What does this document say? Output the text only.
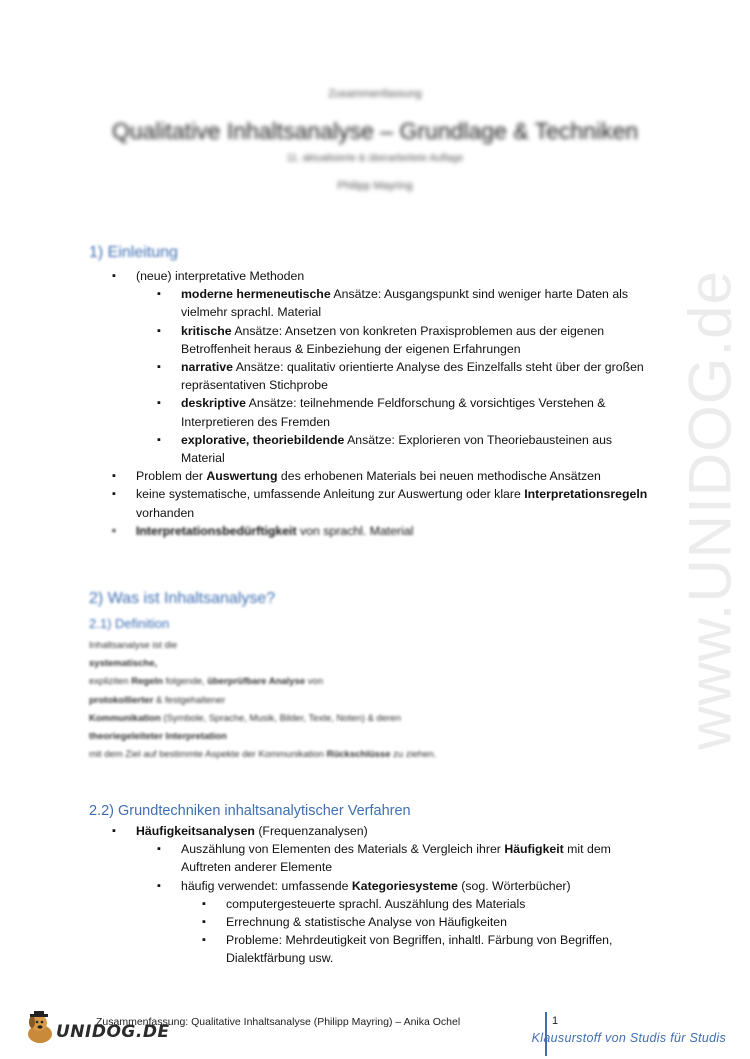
www.UNIDOG.de
Zusammenfassung
Qualitative Inhaltsanalyse – Grundlage & Techniken
11. aktualisierte & überarbeitete Auflage
Philipp Mayring
1) Einleitung
▪ (neue) interpretative Methoden
▪ moderne hermeneutische Ansätze: Ausgangspunkt sind weniger harte Daten als
vielmehr sprachl. Material
▪ kritische Ansätze: Ansetzen von konkreten Praxisproblemen aus der eigenen
Betroffenheit heraus & Einbeziehung der eigenen Erfahrungen
▪ narrative Ansätze: qualitativ orientierte Analyse des Einzelfalls steht über der großen
repräsentativen Stichprobe
▪ deskriptive Ansätze: teilnehmende Feldforschung & vorsichtiges Verstehen &
Interpretieren des Fremden
▪ explorative, theoriebildende Ansätze: Explorieren von Theoriebausteinen aus
Material
▪ Problem der Auswertung des erhobenen Materials bei neuen methodische Ansätzen
▪ keine systematische, umfassende Anleitung zur Auswertung oder klare Interpretationsregeln
vorhanden
▪ Interpretationsbedürftigkeit von sprachl. Material
2) Was ist Inhaltsanalyse?
2.1) Definition
Inhaltsanalyse ist die
systematische,
expliziten Regeln folgende, überprüfbare Analyse von
protokollierter & festgehaltener
Kommunikation (Symbole, Sprache, Musik, Bilder, Texte, Noten) & deren
theoriegeleiteter Interpretation
mit dem Ziel auf bestimmte Aspekte der Kommunikation Rückschlüsse zu ziehen.
2.2) Grundtechniken inhaltsanalytischer Verfahren
▪ Häufigkeitsanalysen (Frequenzanalysen)
▪ Auszählung von Elementen des Materials & Vergleich ihrer Häufigkeit mit dem
Auftreten anderer Elemente
▪ häufig verwendet: umfassende Kategoriesysteme (sog. Wörterbücher)
▪ computergesteuerte sprachl. Auszählung des Materials
▪ Errechnung & statistische Analyse von Häufigkeiten
▪ Probleme: Mehrdeutigkeit von Begriffen, inhaltl. Färbung von Begriffen,
Dialektfärbung usw.
UNIDOG.DE
Zusammenfassung: Qualitative Inhaltsanalyse (Philipp Mayring) – Anika Ochel	1
Klausurstoff von Studis für Studis
